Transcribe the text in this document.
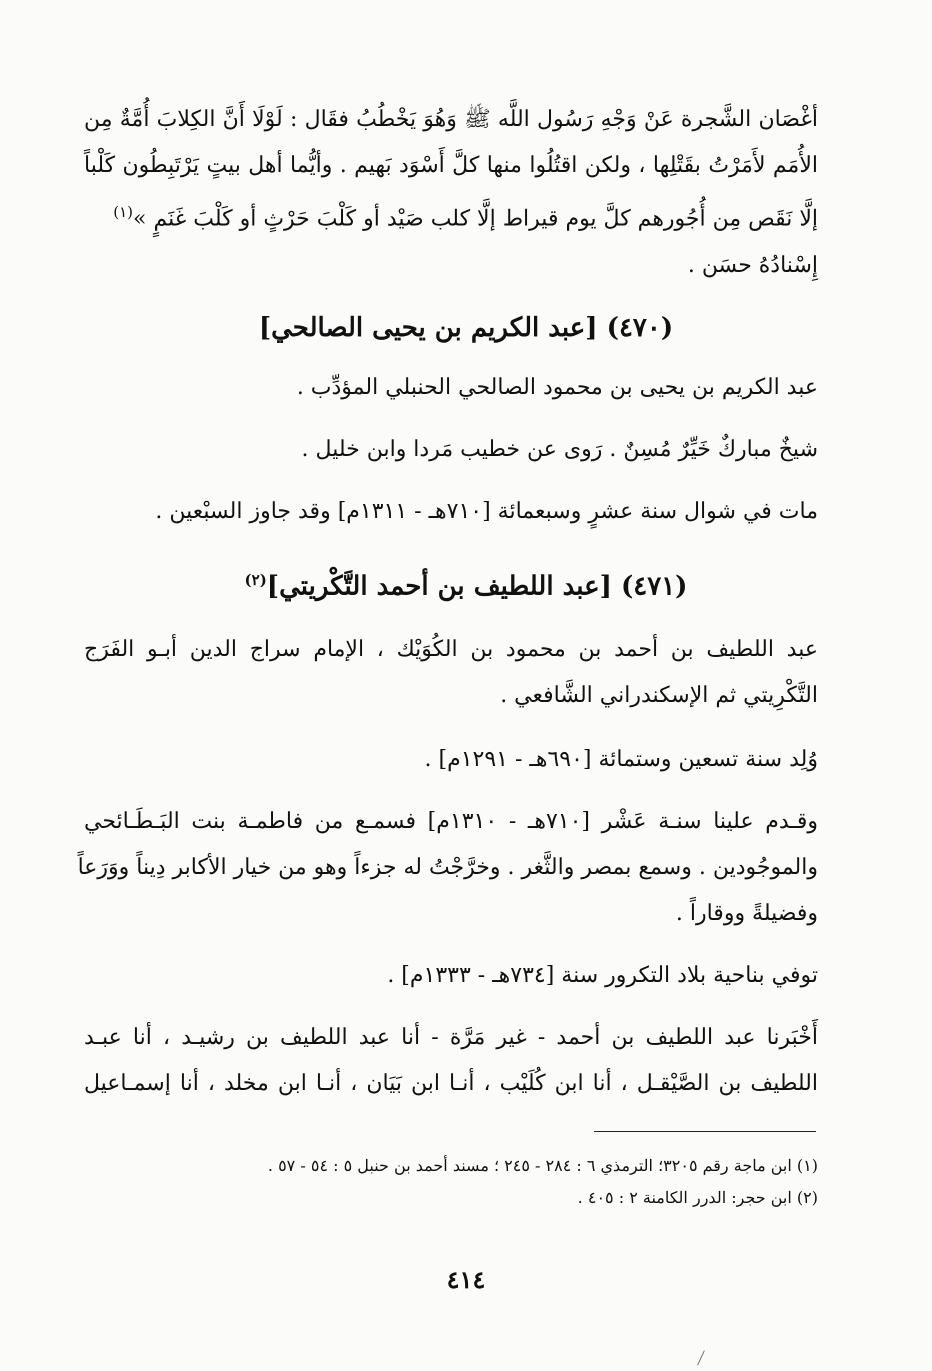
أغْصَان الشَّجرة عَنْ وَجْهِ رَسُول اللَّه ﷺ وَهُوَ يَخْطُبُ فقَال : لَوْلَا أَنَّ الكِلابَ أُمَّةٌ مِن
الأُمَم لأَمَرْتُ بقَتْلِها ، ولكن اقتُلُوا منها كلَّ أَسْوَد بَهيم . وأيُّما أهل بيتٍ يَرْتَبِطُون كَلْباً
إلَّا نَقَص مِن أُجُورهم كلَّ يوم قيراط إلَّا كلب صَيْد أو كَلْبَ حَرْثٍ أو كَلْبَ غَنَمٍ »$^{(١)}$
إِسْنادُهُ حسَن .
(٤٧٠) [عبد الكريم بن يحيى الصالحي]
عبد الكريم بن يحيى بن محمود الصالحي الحنبلي المؤدِّب .
شيخٌ مباركٌ خَيِّرٌ مُسِنٌ . رَوى عن خطيب مَردا وابن خليل .
مات في شوال سنة عشرٍ وسبعمائة [٧١٠هـ - ١٣١١م] وقد جاوز السبْعين .
(٤٧١) [عبد اللطيف بن أحمد التَّكْريتي]$^{(٢)}$
عبد اللطيف بن أحمد بن محمود بن الكُوَيْك ، الإمام سراج الدين أبـو الفَرَج
التَّكْرِيتي ثم الإسكندراني الشَّافعي .
وُلِد سنة تسعين وستمائة [٦٩٠هـ - ١٢٩١م] .
وقـدم علينا سنـة عَشْر [٧١٠هـ - ١٣١٠م] فسمـع من فاطمـة بنت البَـطَـائحي
والموجُودين . وسمع بمصر والثَّغر . وخرَّجْتُ له جزءاً وهو من خيار الأكابر دِيناً ووَرَعاً
وفضيلةً ووقاراً .
توفي بناحية بلاد التكرور سنة [٧٣٤هـ - ١٣٣٣م] .
أَخْبَرنا عبد اللطيف بن أحمد - غير مَرَّة - أنا عبد اللطيف بن رشيـد ، أنا عبـد
اللطيف بن الصَّيْقـل ، أنا ابن كُلَيْب ، أنـا ابن بَيَان ، أنـا ابن مخلد ، أنا إسمـاعيل
(١) ابن ماجة رقم ٣٢٠٥؛ الترمذي ٦ : ٢٨٤ - ٢٤٥ ؛ مسند أحمد بن حنبل ٥ : ٥٤ - ٥٧ .
(٢) ابن حجر: الدرر الكامنة ٢ : ٤٠٥ .
٤١٤
